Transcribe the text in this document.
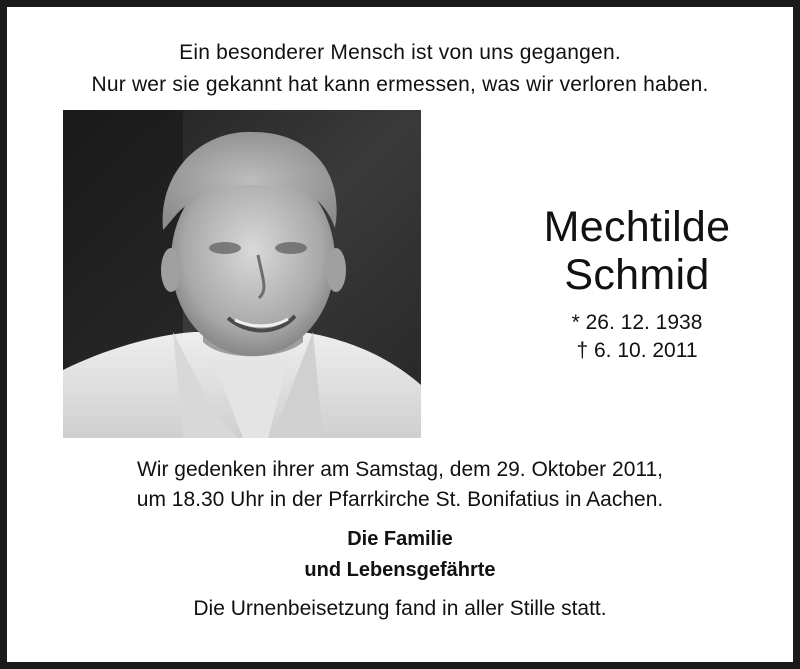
Ein besonderer Mensch ist von uns gegangen.
Nur wer sie gekannt hat kann ermessen, was wir verloren haben.
Mechtilde
Schmid
* 26. 12. 1938
† 6. 10. 2011
Wir gedenken ihrer am Samstag, dem 29. Oktober 2011,
um 18.30 Uhr in der Pfarrkirche St. Bonifatius in Aachen.
Die Familie
und Lebensgefährte
Die Urnenbeisetzung fand in aller Stille statt.
